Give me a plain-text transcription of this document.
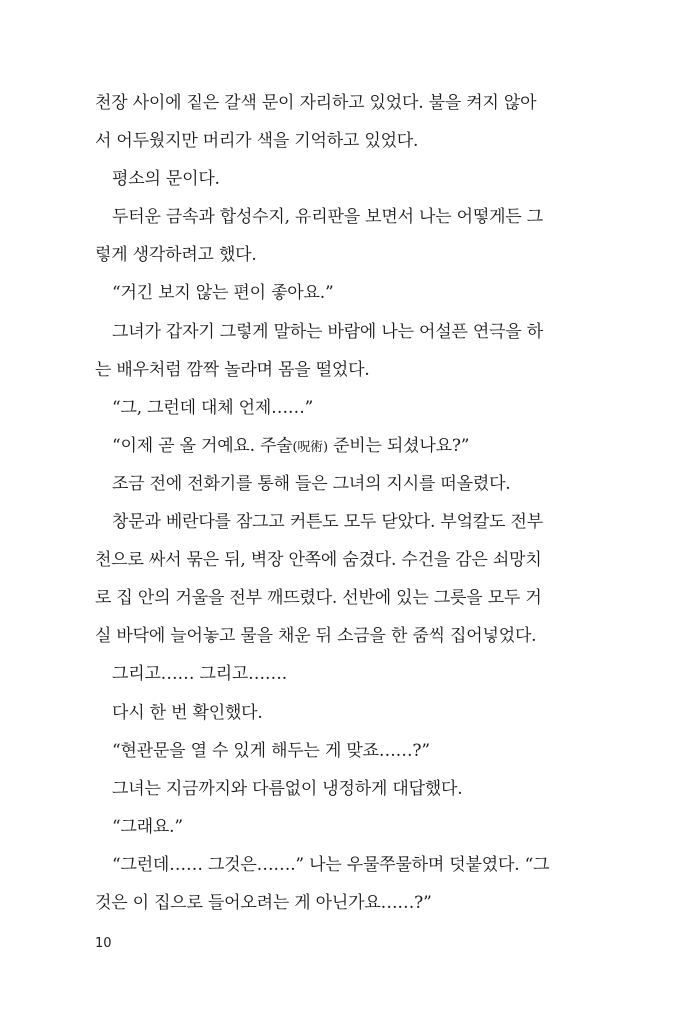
천장 사이에 짙은 갈색 문이 자리하고 있었다. 불을 켜지 않아
서 어두웠지만 머리가 색을 기억하고 있었다.
평소의 문이다.
두터운 금속과 합성수지, 유리판을 보면서 나는 어떻게든 그
렇게 생각하려고 했다.
“거긴 보지 않는 편이 좋아요.”
그녀가 갑자기 그렇게 말하는 바람에 나는 어설픈 연극을 하
는 배우처럼 깜짝 놀라며 몸을 떨었다.
“그, 그런데 대체 언제……”
“이제 곧 올 거예요. 주술(呪術) 준비는 되셨나요?”
조금 전에 전화기를 통해 들은 그녀의 지시를 떠올렸다.
창문과 베란다를 잠그고 커튼도 모두 닫았다. 부엌칼도 전부
천으로 싸서 묶은 뒤, 벽장 안쪽에 숨겼다. 수건을 감은 쇠망치
로 집 안의 거울을 전부 깨뜨렸다. 선반에 있는 그릇을 모두 거
실 바닥에 늘어놓고 물을 채운 뒤 소금을 한 줌씩 집어넣었다.
그리고…… 그리고…….
다시 한 번 확인했다.
“현관문을 열 수 있게 해두는 게 맞죠……?”
그녀는 지금까지와 다름없이 냉정하게 대답했다.
“그래요.”
“그런데…… 그것은…….” 나는 우물쭈물하며 덧붙였다. “그
것은 이 집으로 들어오려는 게 아닌가요……?”
10
